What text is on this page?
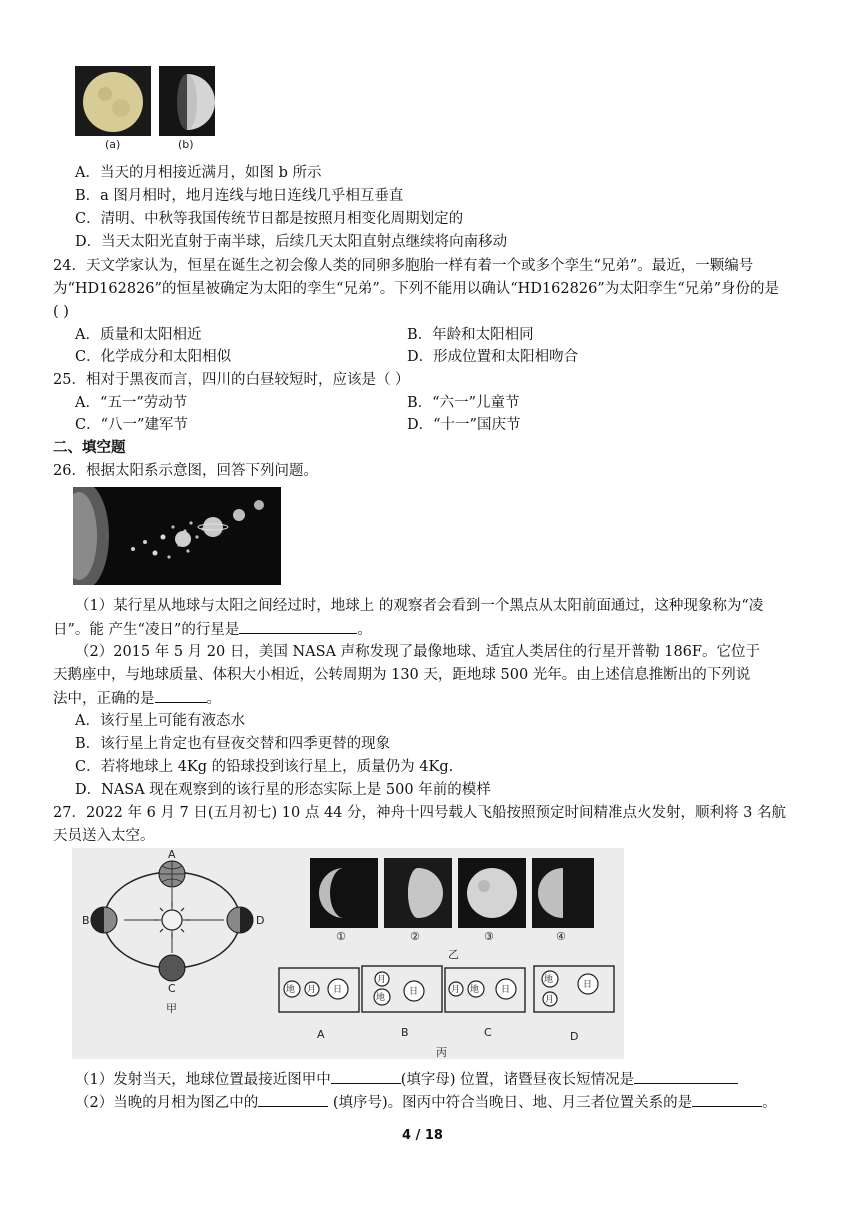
(a)	(b)
A．当天的月相接近满月，如图 b 所示
B．a 图月相时，地月连线与地日连线几乎相互垂直
C．清明、中秋等我国传统节日都是按照月相变化周期划定的
D．当天太阳光直射于南半球，后续几天太阳直射点继续将向南移动
24．天文学家认为，恒星在诞生之初会像人类的同卵多胞胎一样有着一个或多个孪生“兄弟”。最近，一颗编号
为“HD162826”的恒星被确定为太阳的孪生“兄弟”。下列不能用以确认“HD162826”为太阳孪生“兄弟”身份的是
( )
A．质量和太阳相近	B．年龄和太阳相同
C．化学成分和太阳相似	D．形成位置和太阳相吻合
25．相对于黑夜而言，四川的白昼较短时，应该是（ ）
A．“五一”劳动节	B．“六一”儿童节
C．“八一”建军节	D．“十一”国庆节
二、填空题
26．根据太阳系示意图，回答下列问题。
（1）某行星从地球与太阳之间经过时，地球上 的观察者会看到一个黑点从太阳前面通过，这种现象称为“凌
日”。能 产生“凌日”的行星是	。
（2）2015 年 5 月 20 日，美国 NASA 声称发现了最像地球、适宜人类居住的行星开普勒 186F。它位于
天鹅座中，与地球质量、体积大小相近，公转周期为 130 天，距地球 500 光年。由上述信息推断出的下列说
法中，正确的是	。
A．该行星上可能有液态水
B．该行星上肯定也有昼夜交替和四季更替的现象
C．若将地球上 4Kg 的铅球投到该行星上，质量仍为 4Kg.
D．NASA 现在观察到的该行星的形态实际上是 500 年前的模样
27．2022 年 6 月 7 日(五月初七) 10 点 44 分，神舟十四号载人飞船按照预定时间精准点火发射，顺利将 3 名航
天员送入太空。
A
B
C
D
甲
①	②	③	④
乙
地 月 日
月
地
日	月 地 日
地
月
日
A	B	C	D
丙
（1）发射当天，地球位置最接近图甲中	(填字母) 位置，诸暨昼夜长短情况是
（2）当晚的月相为图乙中的	(填序号)。图丙中符合当晚日、地、月三者位置关系的是	。
4 / 18
